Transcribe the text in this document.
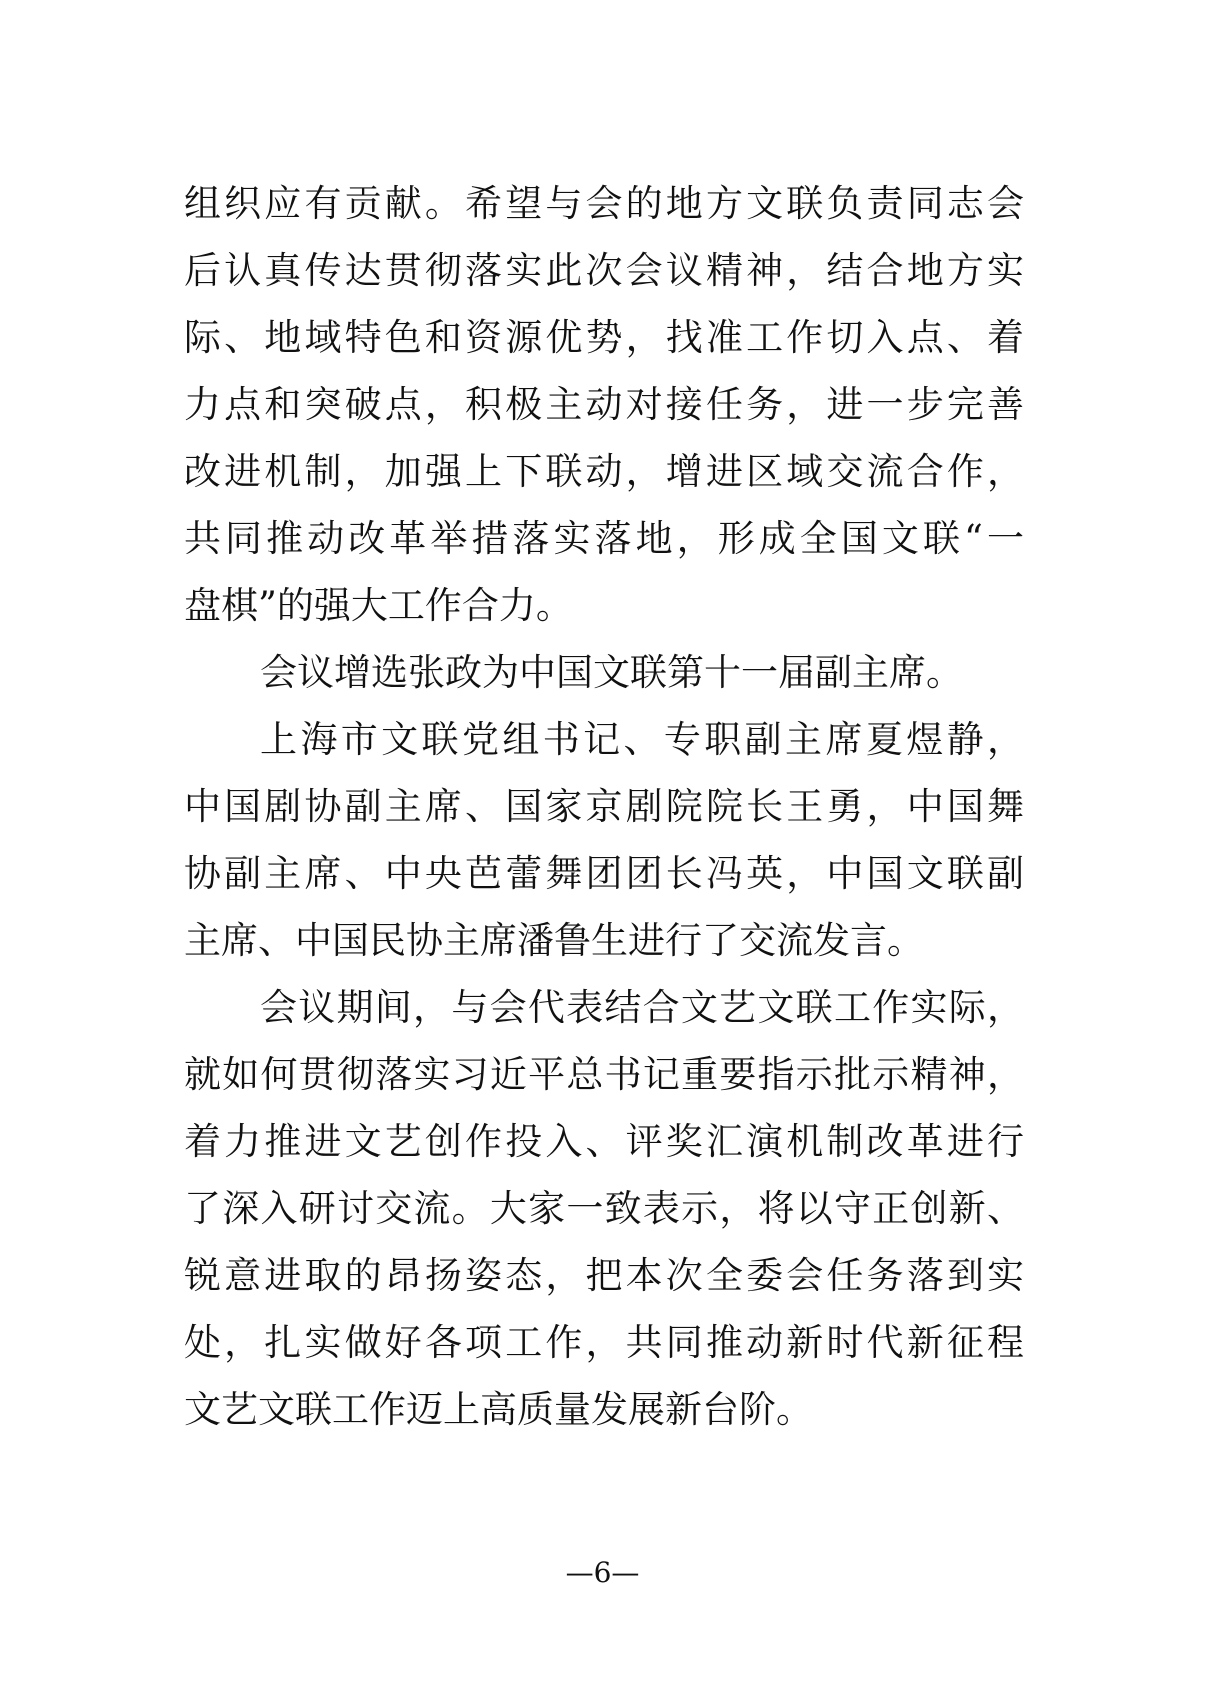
组织应有贡献。希望与会的地方文联负责同志会
后认真传达贯彻落实此次会议精神，结合地方实
际、地域特色和资源优势，找准工作切入点、着
力点和突破点，积极主动对接任务，进一步完善
改进机制，加强上下联动，增进区域交流合作，
共同推动改革举措落实落地，形成全国文联“一
盘棋”的强大工作合力。
会议增选张政为中国文联第十一届副主席。
上海市文联党组书记、专职副主席夏煜静，
中国剧协副主席、国家京剧院院长王勇，中国舞
协副主席、中央芭蕾舞团团长冯英，中国文联副
主席、中国民协主席潘鲁生进行了交流发言。
会议期间，与会代表结合文艺文联工作实际，
就如何贯彻落实习近平总书记重要指示批示精神，
着力推进文艺创作投入、评奖汇演机制改革进行
了深入研讨交流。大家一致表示，将以守正创新、
锐意进取的昂扬姿态，把本次全委会任务落到实
处，扎实做好各项工作，共同推动新时代新征程
文艺文联工作迈上高质量发展新台阶。
—6—
